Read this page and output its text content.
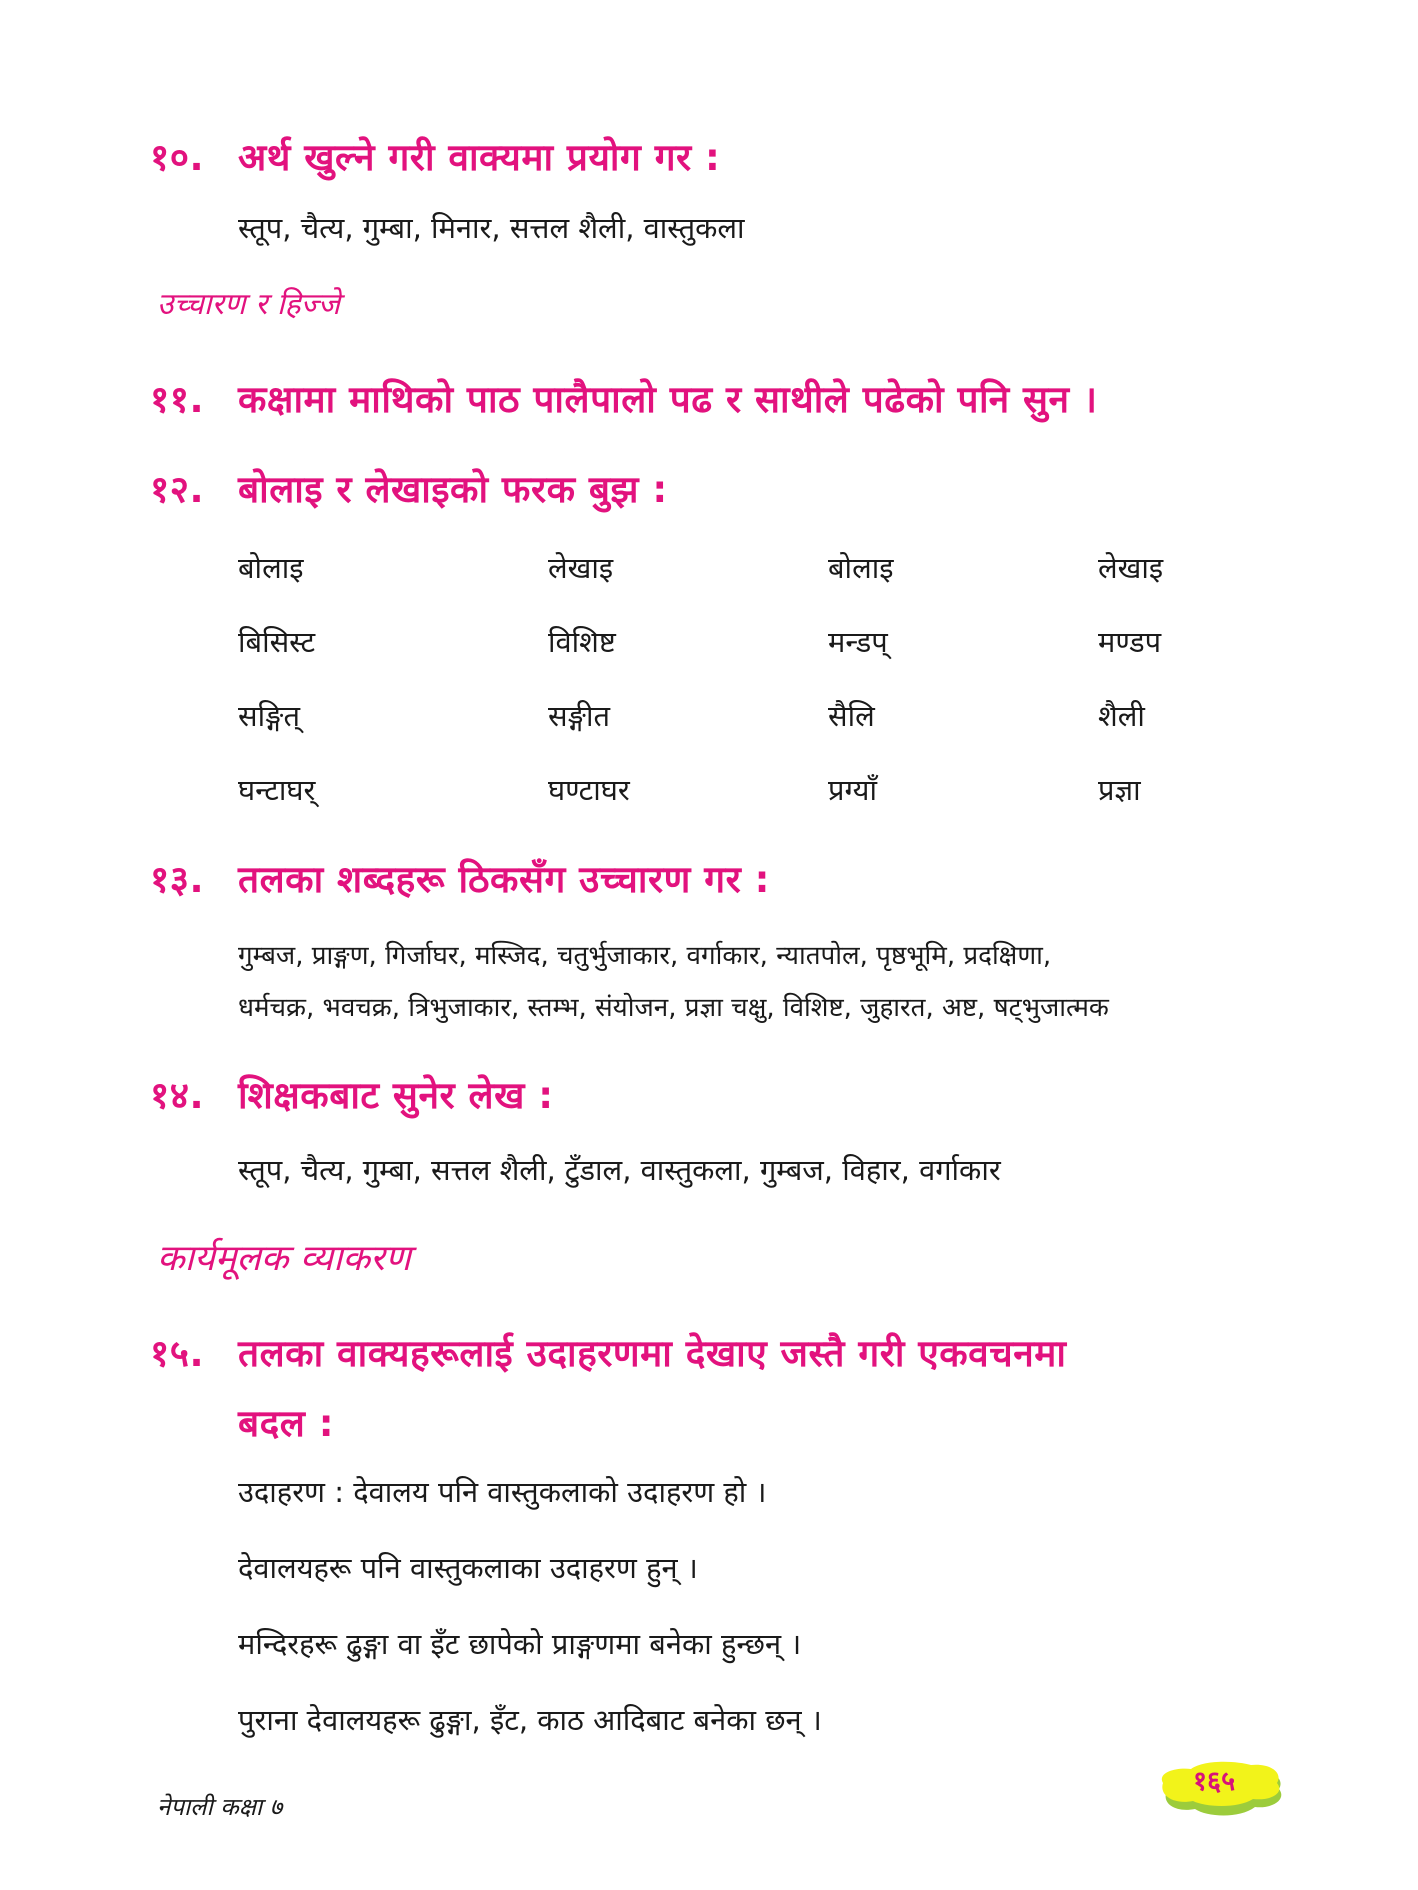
१०. अर्थ खुल्ने गरी वाक्यमा प्रयोग गर :
स्तूप, चैत्य, गुम्बा, मिनार, सत्तल शैली, वास्तुकला
उच्चारण र हिज्जे
११. कक्षामा माथिको पाठ पालैपालो पढ र साथीले पढेको पनि सुन ।
१२. बोलाइ र लेखाइको फरक बुझ :
बोलाइ	लेखाइ	बोलाइ	लेखाइ
बिसिस्ट	विशिष्ट	मन्डप्	मण्डप
सङ्गित्	सङ्गीत	सैलि	शैली
घन्टाघर्	घण्टाघर	प्रग्याँ	प्रज्ञा
१३. तलका शब्दहरू ठिकसँग उच्चारण गर :
गुम्बज, प्राङ्गण, गिर्जाघर, मस्जिद, चतुर्भुजाकार, वर्गाकार, न्यातपोल, पृष्ठभूमि, प्रदक्षिणा,
धर्मचक्र, भवचक्र, त्रिभुजाकार, स्तम्भ, संयोजन, प्रज्ञा चक्षु, विशिष्ट, जुहारत, अष्ट, षट्भुजात्मक
१४. शिक्षकबाट सुनेर लेख :
स्तूप, चैत्य, गुम्बा, सत्तल शैली, टुँडाल, वास्तुकला, गुम्बज, विहार, वर्गाकार
कार्यमूलक व्याकरण
१५. तलका वाक्यहरूलाई उदाहरणमा देखाए जस्तै गरी एकवचनमा
बदल :
उदाहरण : देवालय पनि वास्तुकलाको उदाहरण हो ।
देवालयहरू पनि वास्तुकलाका उदाहरण हुन् ।
मन्दिरहरू ढुङ्गा वा इँट छापेको प्राङ्गणमा बनेका हुन्छन् ।
पुराना देवालयहरू ढुङ्गा, इँट, काठ आदिबाट बनेका छन् ।
नेपाली कक्षा ७
१६५
